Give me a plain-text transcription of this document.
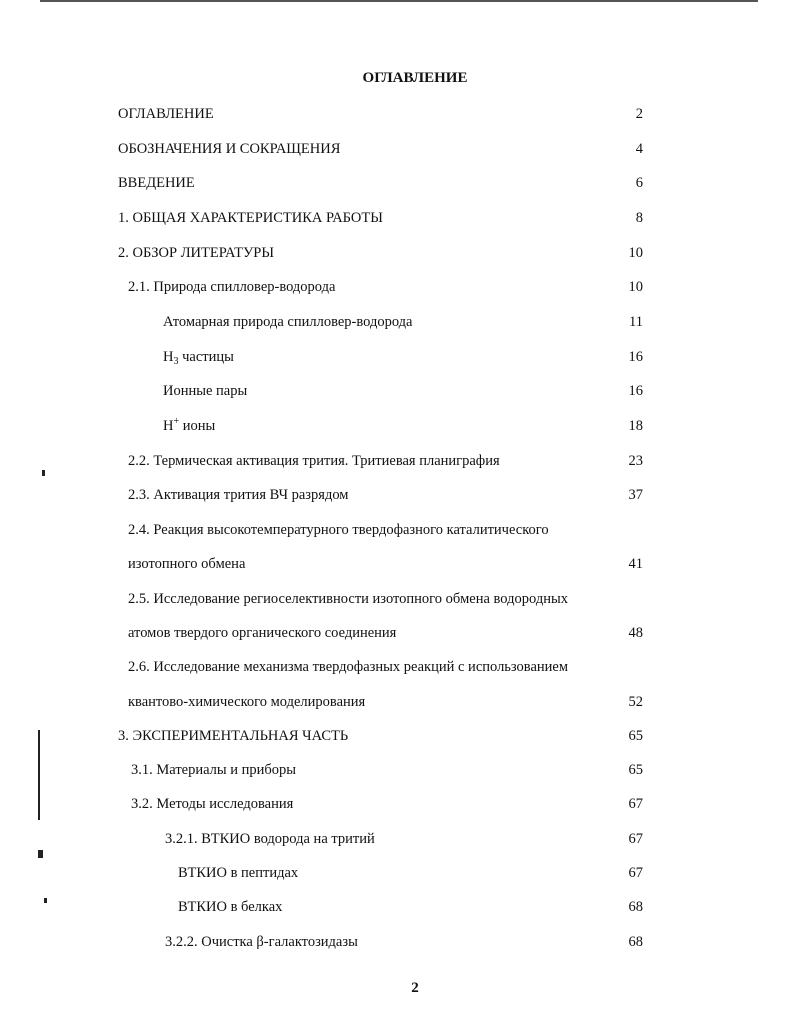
ОГЛАВЛЕНИЕ
ОГЛАВЛЕНИЕ	2
ОБОЗНАЧЕНИЯ И СОКРАЩЕНИЯ	4
ВВЕДЕНИЕ	6
1. ОБЩАЯ ХАРАКТЕРИСТИКА РАБОТЫ	8
2. ОБЗОР ЛИТЕРАТУРЫ	10
2.1. Природа спилловер-водорода	10
Атомарная природа спилловер-водорода	11
$H_3$ частицы	16
Ионные пары	16
H+ ионы	18
2.2. Термическая активация трития. Тритиевая планиграфия	23
2.3. Активация трития ВЧ разрядом	37
2.4. Реакция высокотемпературного твердофазного каталитического
изотопного обмена	41
2.5. Исследование региоселективности изотопного обмена водородных
атомов твердого органического соединения	48
2.6. Исследование механизма твердофазных реакций с использованием
квантово-химического моделирования	52
3. ЭКСПЕРИМЕНТАЛЬНАЯ ЧАСТЬ	65
3.1. Материалы и приборы	65
3.2. Методы исследования	67
3.2.1. ВТКИО водорода на тритий	67
ВТКИО в пептидах	67
ВТКИО в белках	68
3.2.2. Очистка β-галактозидазы	68
2
